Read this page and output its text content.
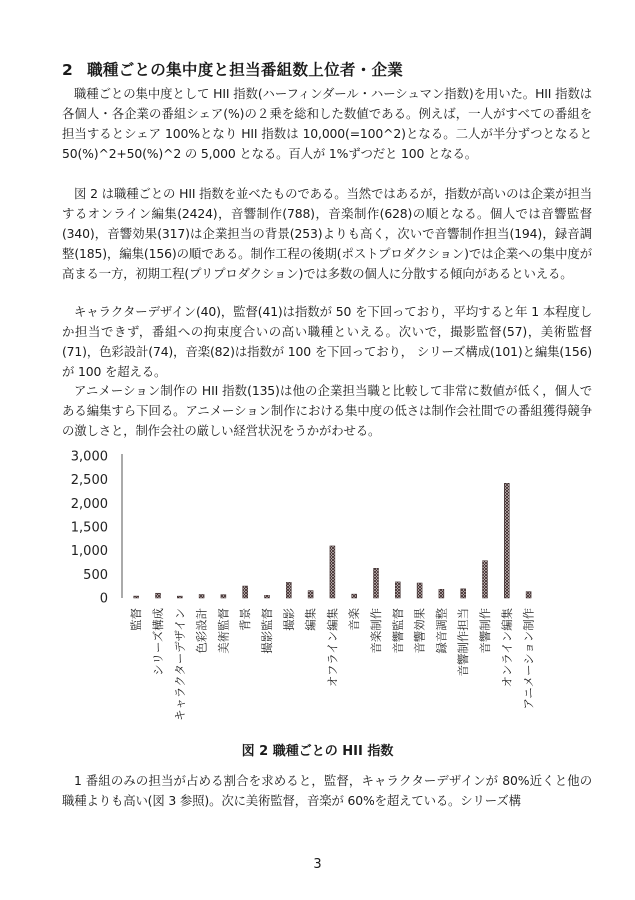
2 職種ごとの集中度と担当番組数上位者・企業

職種ごとの集中度として HII 指数(ハーフィンダール・ハーシュマン指数)を用いた。HII 指数は各個人・各企業の番組シェア(%)の２乗を総和した数値である。例えば，一人がすべての番組を担当するとシェア 100%となり HII 指数は 10,000(=100^2)となる。二人が半分ずつとなると 50(%)^2+50(%)^2 の 5,000 となる。百人が 1%ずつだと 100 となる。

図 2 は職種ごとの HII 指数を並べたものである。当然ではあるが，指数が高いのは企業が担当するオンライン編集(2424)，音響制作(788)，音楽制作(628)の順となる。個人では音響監督(340)，音響効果(317)は企業担当の背景(253)よりも高く，次いで音響制作担当(194)，録音調整(185)，編集(156)の順である。制作工程の後期(ポストプロダクション)では企業への集中度が高まる一方，初期工程(プリプロダクション)では多数の個人に分散する傾向があるといえる。

キャラクターデザイン(40)，監督(41)は指数が 50 を下回っており，平均すると年 1 本程度しか担当できず，番組への拘束度合いの高い職種といえる。次いで，撮影監督(57)，美術監督(71)，色彩設計(74)，音楽(82)は指数が 100 を下回っており， シリーズ構成(101)と編集(156)が 100 を超える。

アニメーション制作の HII 指数(135)は他の企業担当職と比較して非常に数値が低く，個人である編集すら下回る。アニメーション制作における集中度の低さは制作会社間での番組獲得競争の激しさと，制作会社の厳しい経営状況をうかがわせる。

0
500
1,000
1,500
2,000
2,500
3,000
監督 シリーズ構成 キャラクターデザイン 色彩設計 美術監督 背景 撮影監督 撮影 編集 オフライン編集 音楽 音楽制作 音響監督 音響効果 録音調整 音響制作担当 音響制作 オンライン編集 アニメーション制作
図 2 職種ごとの HII 指数

1 番組のみの担当が占める割合を求めると，監督，キャラクターデザインが 80%近くと他の職種よりも高い(図 3 参照)。次に美術監督，音楽が 60%を超えている。シリーズ構

3
